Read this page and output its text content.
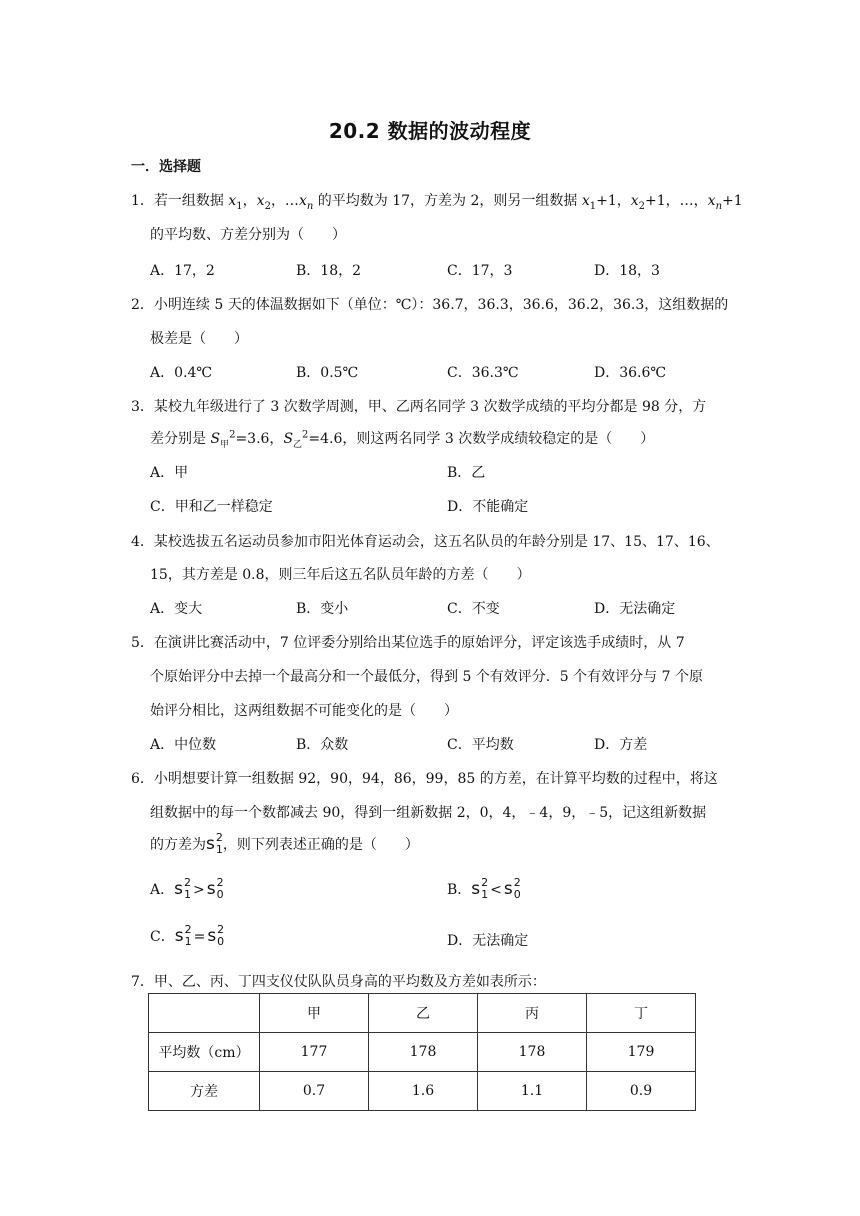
20.2 数据的波动程度
一．选择题
1．若一组数据 $x_1$，$x_2$，$\dots x_n$ 的平均数为 17，方差为 2，则另一组数据 $x_1+1$，$x_2+1$，…，$x_n+1$
的平均数、方差分别为（　　）
A．17，2	B．18，2	C．17，3	D．18，3
2．小明连续 5 天的体温数据如下（单位：℃）：36.7，36.3，36.6，36.2，36.3，这组数据的
极差是（　　）
A．0.4℃	B．0.5℃	C．36.3℃	D．36.6℃
3．某校九年级进行了 3 次数学周测，甲、乙两名同学 3 次数学成绩的平均分都是 98 分，方
差分别是 $S_甲^2=3.6$，$S_乙^2=4.6$，则这两名同学 3 次数学成绩较稳定的是（　　）
A．甲	B．乙
C．甲和乙一样稳定	D．不能确定
4．某校选拔五名运动员参加市阳光体育运动会，这五名队员的年龄分别是 17、15、17、16、
15，其方差是 0.8，则三年后这五名队员年龄的方差（　　）
A．变大	B．变小	C．不变	D．无法确定
5．在演讲比赛活动中，7 位评委分别给出某位选手的原始评分，评定该选手成绩时，从 7
个原始评分中去掉一个最高分和一个最低分，得到 5 个有效评分．5 个有效评分与 7 个原
始评分相比，这两组数据不可能变化的是（　　）
A．中位数	B．众数	C．平均数	D．方差
6．小明想要计算一组数据 92，90，94，86，99，85 的方差，在计算平均数的过程中，将这
组数据中的每一个数都减去 90，得到一组新数据 2，0，4，﹣4，9，﹣5，记这组新数据
的方差为 s 2
1 ，则下列表述正确的是（　　）
A． s 2
1 > s 2
0	B． s 2
1 < s 2
0
C． s 2
1 = s 2
0	D．无法确定
7．甲、乙、丙、丁四支仪仗队队员身高的平均数及方差如表所示：
	甲	乙	丙	丁
平均数（cm）	177	178	178	179
方差	0.7	1.6	1.1	0.9
